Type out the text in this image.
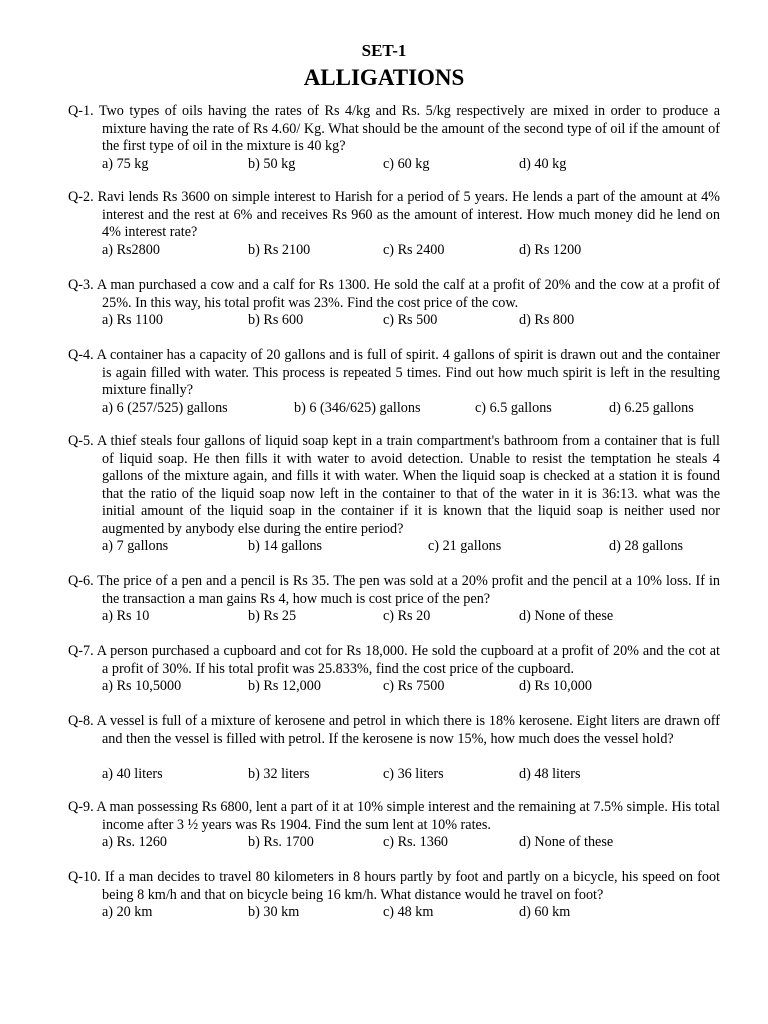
SET-1
ALLIGATIONS

Q-1. Two types of oils having the rates of Rs 4/kg and Rs. 5/kg respectively are mixed in order to produce a mixture having the rate of Rs 4.60/ Kg. What should be the amount of the second type of oil if the amount of the first type of oil in the mixture is 40 kg?

a) 75 kg	b) 50 kg	c) 60 kg	d) 40 kg

Q-2. Ravi lends Rs 3600 on simple interest to Harish for a period of 5 years. He lends a part of the amount at 4% interest and the rest at 6% and receives Rs 960 as the amount of interest. How much money did he lend on 4% interest rate?

a) Rs2800	b) Rs 2100	c) Rs 2400	d) Rs 1200

Q-3. A man purchased a cow and a calf for Rs 1300. He sold the calf at a profit of 20% and the cow at a profit of 25%. In this way, his total profit was 23%. Find the cost price of the cow.

a) Rs 1100	b) Rs 600	c) Rs 500	d) Rs 800

Q-4. A container has a capacity of 20 gallons and is full of spirit. 4 gallons of spirit is drawn out and the container is again filled with water. This process is repeated 5 times. Find out how much spirit is left in the resulting mixture finally?

a) 6 (257/525) gallons	b) 6 (346/625) gallons	c) 6.5 gallons	d) 6.25 gallons

Q-5. A thief steals four gallons of liquid soap kept in a train compartment's bathroom from a container that is full of liquid soap. He then fills it with water to avoid detection. Unable to resist the temptation he steals 4 gallons of the mixture again, and fills it with water. When the liquid soap is checked at a station it is found that the ratio of the liquid soap now left in the container to that of the water in it is 36:13. what was the initial amount of the liquid soap in the container if it is known that the liquid soap is neither used nor augmented by anybody else during the entire period?

a) 7 gallons	b) 14 gallons	c) 21 gallons	d) 28 gallons

Q-6. The price of a pen and a pencil is Rs 35. The pen was sold at a 20% profit and the pencil at a 10% loss. If in the transaction a man gains Rs 4, how much is cost price of the pen?

a) Rs 10	b) Rs 25	c) Rs 20	d) None of these

Q-7. A person purchased a cupboard and cot for Rs 18,000. He sold the cupboard at a profit of 20% and the cot at a profit of 30%. If his total profit was 25.833%, find the cost price of the cupboard.

a) Rs 10,5000	b) Rs 12,000	c) Rs 7500	d) Rs 10,000

Q-8. A vessel is full of a mixture of kerosene and petrol in which there is 18% kerosene. Eight liters are drawn off and then the vessel is filled with petrol. If the kerosene is now 15%, how much does the vessel hold?

a) 40 liters	b) 32 liters	c) 36 liters	d) 48 liters

Q-9. A man possessing Rs 6800, lent a part of it at 10% simple interest and the remaining at 7.5% simple. His total income after 3 ½ years was Rs 1904. Find the sum lent at 10% rates.

a) Rs. 1260	b) Rs. 1700	c) Rs. 1360	d) None of these

Q-10. If a man decides to travel 80 kilometers in 8 hours partly by foot and partly on a bicycle, his speed on foot being 8 km/h and that on bicycle being 16 km/h. What distance would he travel on foot?

a) 20 km	b) 30 km	c) 48 km	d) 60 km
